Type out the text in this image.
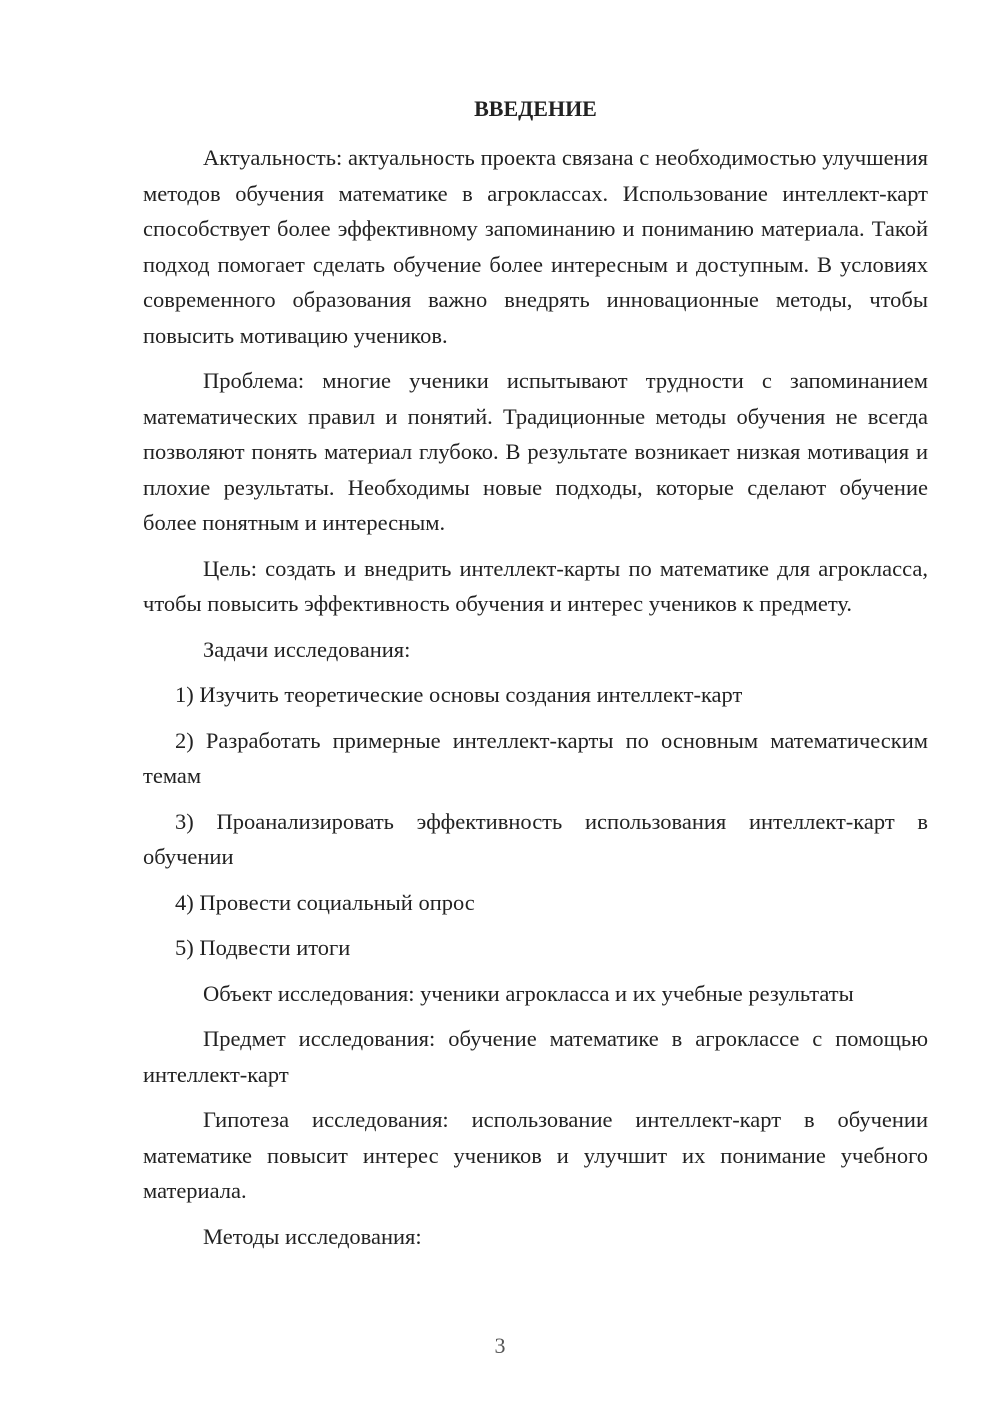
ВВЕДЕНИЕ

Актуальность: актуальность проекта связана с необходимостью улучшения методов обучения математике в агроклассах. Использование интеллект-карт способствует более эффективному запоминанию и пониманию материала. Такой подход помогает сделать обучение более интересным и доступным. В условиях современного образования важно внедрять инновационные методы, чтобы повысить мотивацию учеников.

Проблема: многие ученики испытывают трудности с запоминанием математических правил и понятий. Традиционные методы обучения не всегда позволяют понять материал глубоко. В результате возникает низкая мотивация и плохие результаты. Необходимы новые подходы, которые сделают обучение более понятным и интересным.

Цель: создать и внедрить интеллект-карты по математике для агрокласса, чтобы повысить эффективность обучения и интерес учеников к предмету.

Задачи исследования:

1) Изучить теоретические основы создания интеллект-карт

2) Разработать примерные интеллект-карты по основным математическим темам

3) Проанализировать эффективность использования интеллект-карт в обучении

4) Провести социальный опрос

5) Подвести итоги

Объект исследования: ученики агрокласса и их учебные результаты

Предмет исследования: обучение математике в агроклассе с помощью интеллект-карт

Гипотеза исследования: использование интеллект-карт в обучении математике повысит интерес учеников и улучшит их понимание учебного материала.

Методы исследования:

3
